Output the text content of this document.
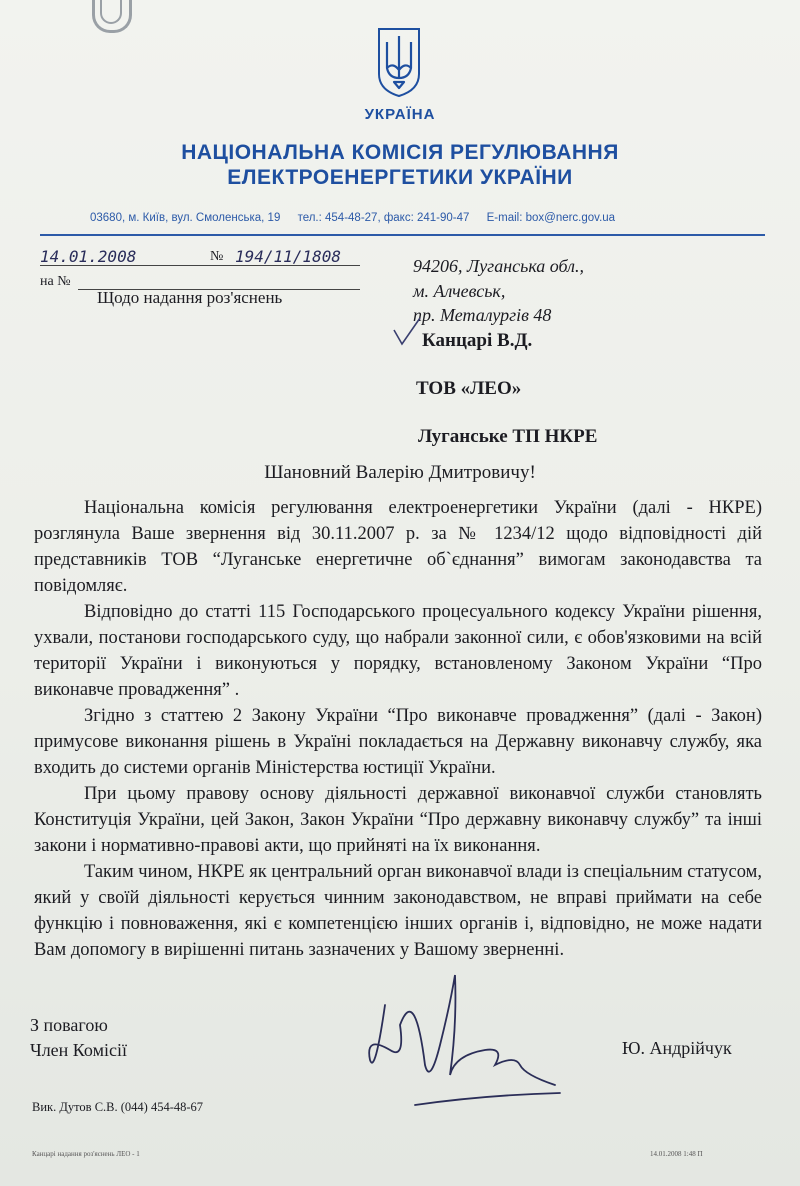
УКРАЇНА
НАЦІОНАЛЬНА КОМІСІЯ РЕГУЛЮВАННЯ
ЕЛЕКТРОЕНЕРГЕТИКИ УКРАЇНИ
03680, м. Київ, вул. Смоленська, 19 тел.: 454-48-27, факс: 241-90-47 E-mail: box@nerc.gov.ua
14.01.2008	№ 194/11/1808
на №
Щодо надання роз'яснень
94206, Луганська обл.,
м. Алчевськ,
пр. Металургів 48
Канцарі В.Д.
ТОВ «ЛЕО»
Луганське ТП НКРЕ
Шановний Валерію Дмитровичу!

Національна комісія регулювання електроенергетики України (далі - НКРЕ) розглянула Ваше звернення від 30.11.2007 р. за № 1234/12 щодо відповідності дій представників ТОВ “Луганське енергетичне об`єднання” вимогам законодавства та повідомляє.

Відповідно до статті 115 Господарського процесуального кодексу України рішення, ухвали, постанови господарського суду, що набрали законної сили, є обов'язковими на всій території України і виконуються у порядку, встановленому Законом України “Про виконавче провадження” .

Згідно з статтею 2 Закону України “Про виконавче провадження” (далі - Закон) примусове виконання рішень в Україні покладається на Державну виконавчу службу, яка входить до системи органів Міністерства юстиції України.

При цьому правову основу діяльності державної виконавчої служби становлять Конституція України, цей Закон, Закон України “Про державну виконавчу службу” та інші закони і нормативно-правові акти, що прийняті на їх виконання.

Таким чином, НКРЕ як центральний орган виконавчої влади із спеціальним статусом, який у своїй діяльності керується чинним законодавством, не вправі приймати на себе функцію і повноваження, які є компетенцією інших органів і, відповідно, не може надати Вам допомогу в вирішенні питань зазначених у Вашому зверненні.

З повагою
Член Комісії	Ю. Андрійчук
Вик. Дутов С.В. (044) 454-48-67
Канцарі надання роз'яснень ЛЕО - 1	14.01.2008 1:48 П
